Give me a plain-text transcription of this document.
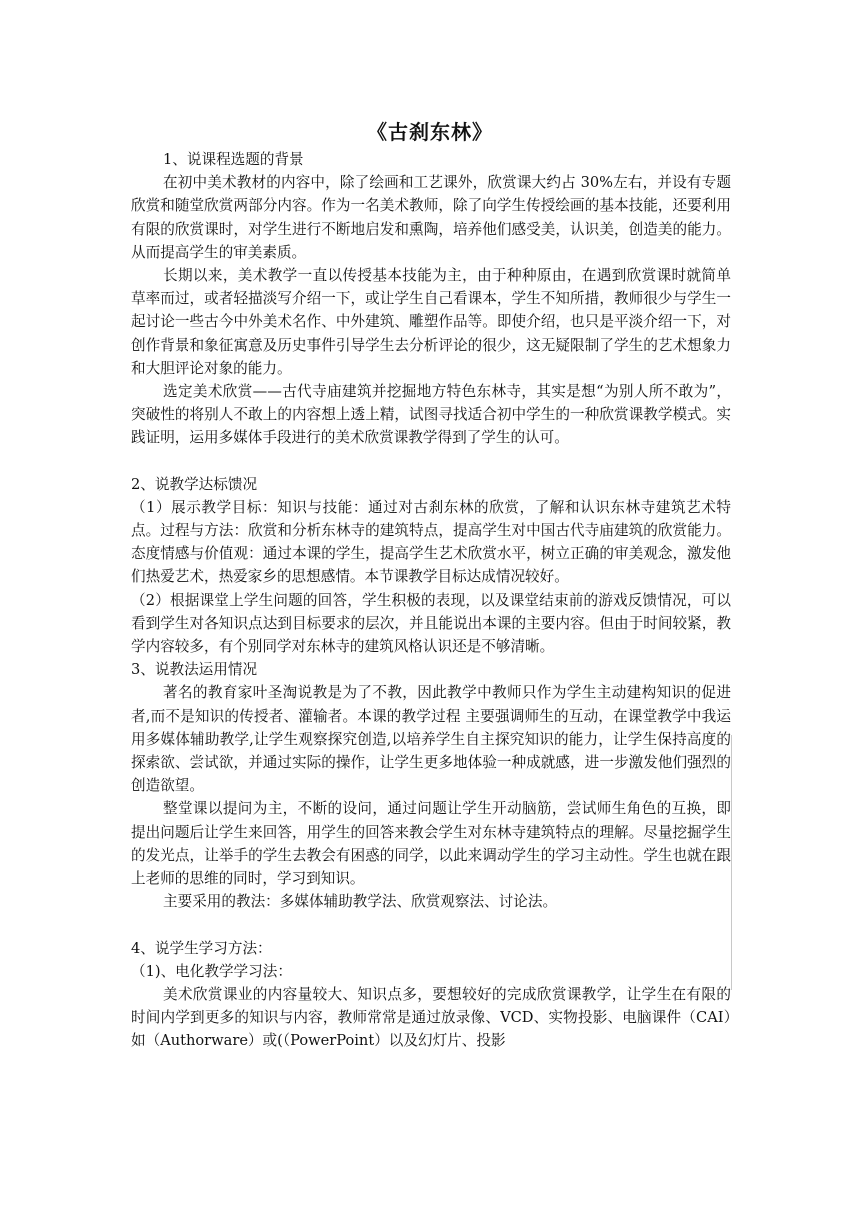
《古刹东林》

1、说课程选题的背景

在初中美术教材的内容中，除了绘画和工艺课外，欣赏课大约占 30%左右，并设有专题欣赏和随堂欣赏两部分内容。作为一名美术教师，除了向学生传授绘画的基本技能，还要利用有限的欣赏课时，对学生进行不断地启发和熏陶，培养他们感受美，认识美，创造美的能力。从而提高学生的审美素质。

长期以来，美术教学一直以传授基本技能为主，由于种种原由，在遇到欣赏课时就简单草率而过，或者轻描淡写介绍一下，或让学生自己看课本，学生不知所措，教师很少与学生一起讨论一些古今中外美术名作、中外建筑、雕塑作品等。即使介绍，也只是平淡介绍一下，对创作背景和象征寓意及历史事件引导学生去分析评论的很少，这无疑限制了学生的艺术想象力和大胆评论对象的能力。

选定美术欣赏——古代寺庙建筑并挖掘地方特色东林寺，其实是想“为别人所不敢为”，突破性的将别人不敢上的内容想上透上精，试图寻找适合初中学生的一种欣赏课教学模式。实践证明，运用多媒体手段进行的美术欣赏课教学得到了学生的认可。

2、说教学达标馈况

（1）展示教学目标：知识与技能：通过对古刹东林的欣赏，了解和认识东林寺建筑艺术特点。过程与方法：欣赏和分析东林寺的建筑特点，提高学生对中国古代寺庙建筑的欣赏能力。态度情感与价值观：通过本课的学生，提高学生艺术欣赏水平，树立正确的审美观念，激发他们热爱艺术，热爱家乡的思想感情。本节课教学目标达成情况较好。

（2）根据课堂上学生问题的回答，学生积极的表现，以及课堂结束前的游戏反馈情况，可以看到学生对各知识点达到目标要求的层次，并且能说出本课的主要内容。但由于时间较紧，教学内容较多，有个别同学对东林寺的建筑风格认识还是不够清晰。

3、说教法运用情况

著名的教育家叶圣淘说教是为了不教，因此教学中教师只作为学生主动建构知识的促进者,而不是知识的传授者、灌输者。本课的教学过程 主要强调师生的互动，在课堂教学中我运用多媒体辅助教学,让学生观察探究创造,以培养学生自主探究知识的能力，让学生保持高度的探索欲、尝试欲，并通过实际的操作，让学生更多地体验一种成就感，进一步激发他们强烈的创造欲望。

整堂课以提问为主，不断的设问，通过问题让学生开动脑筋，尝试师生角色的互换，即提出问题后让学生来回答，用学生的回答来教会学生对东林寺建筑特点的理解。尽量挖掘学生的发光点，让举手的学生去教会有困惑的同学，以此来调动学生的学习主动性。学生也就在跟上老师的思维的同时，学习到知识。

主要采用的教法：多媒体辅助教学法、欣赏观察法、讨论法。

4、说学生学习方法：

（1)、电化教学学习法：

美术欣赏课业的内容量较大、知识点多，要想较好的完成欣赏课教学，让学生在有限的时间内学到更多的知识与内容，教师常常是通过放录像、VCD、实物投影、电脑课件（CAI）如（Authorware）或(（PowerPoint）以及幻灯片、投影
